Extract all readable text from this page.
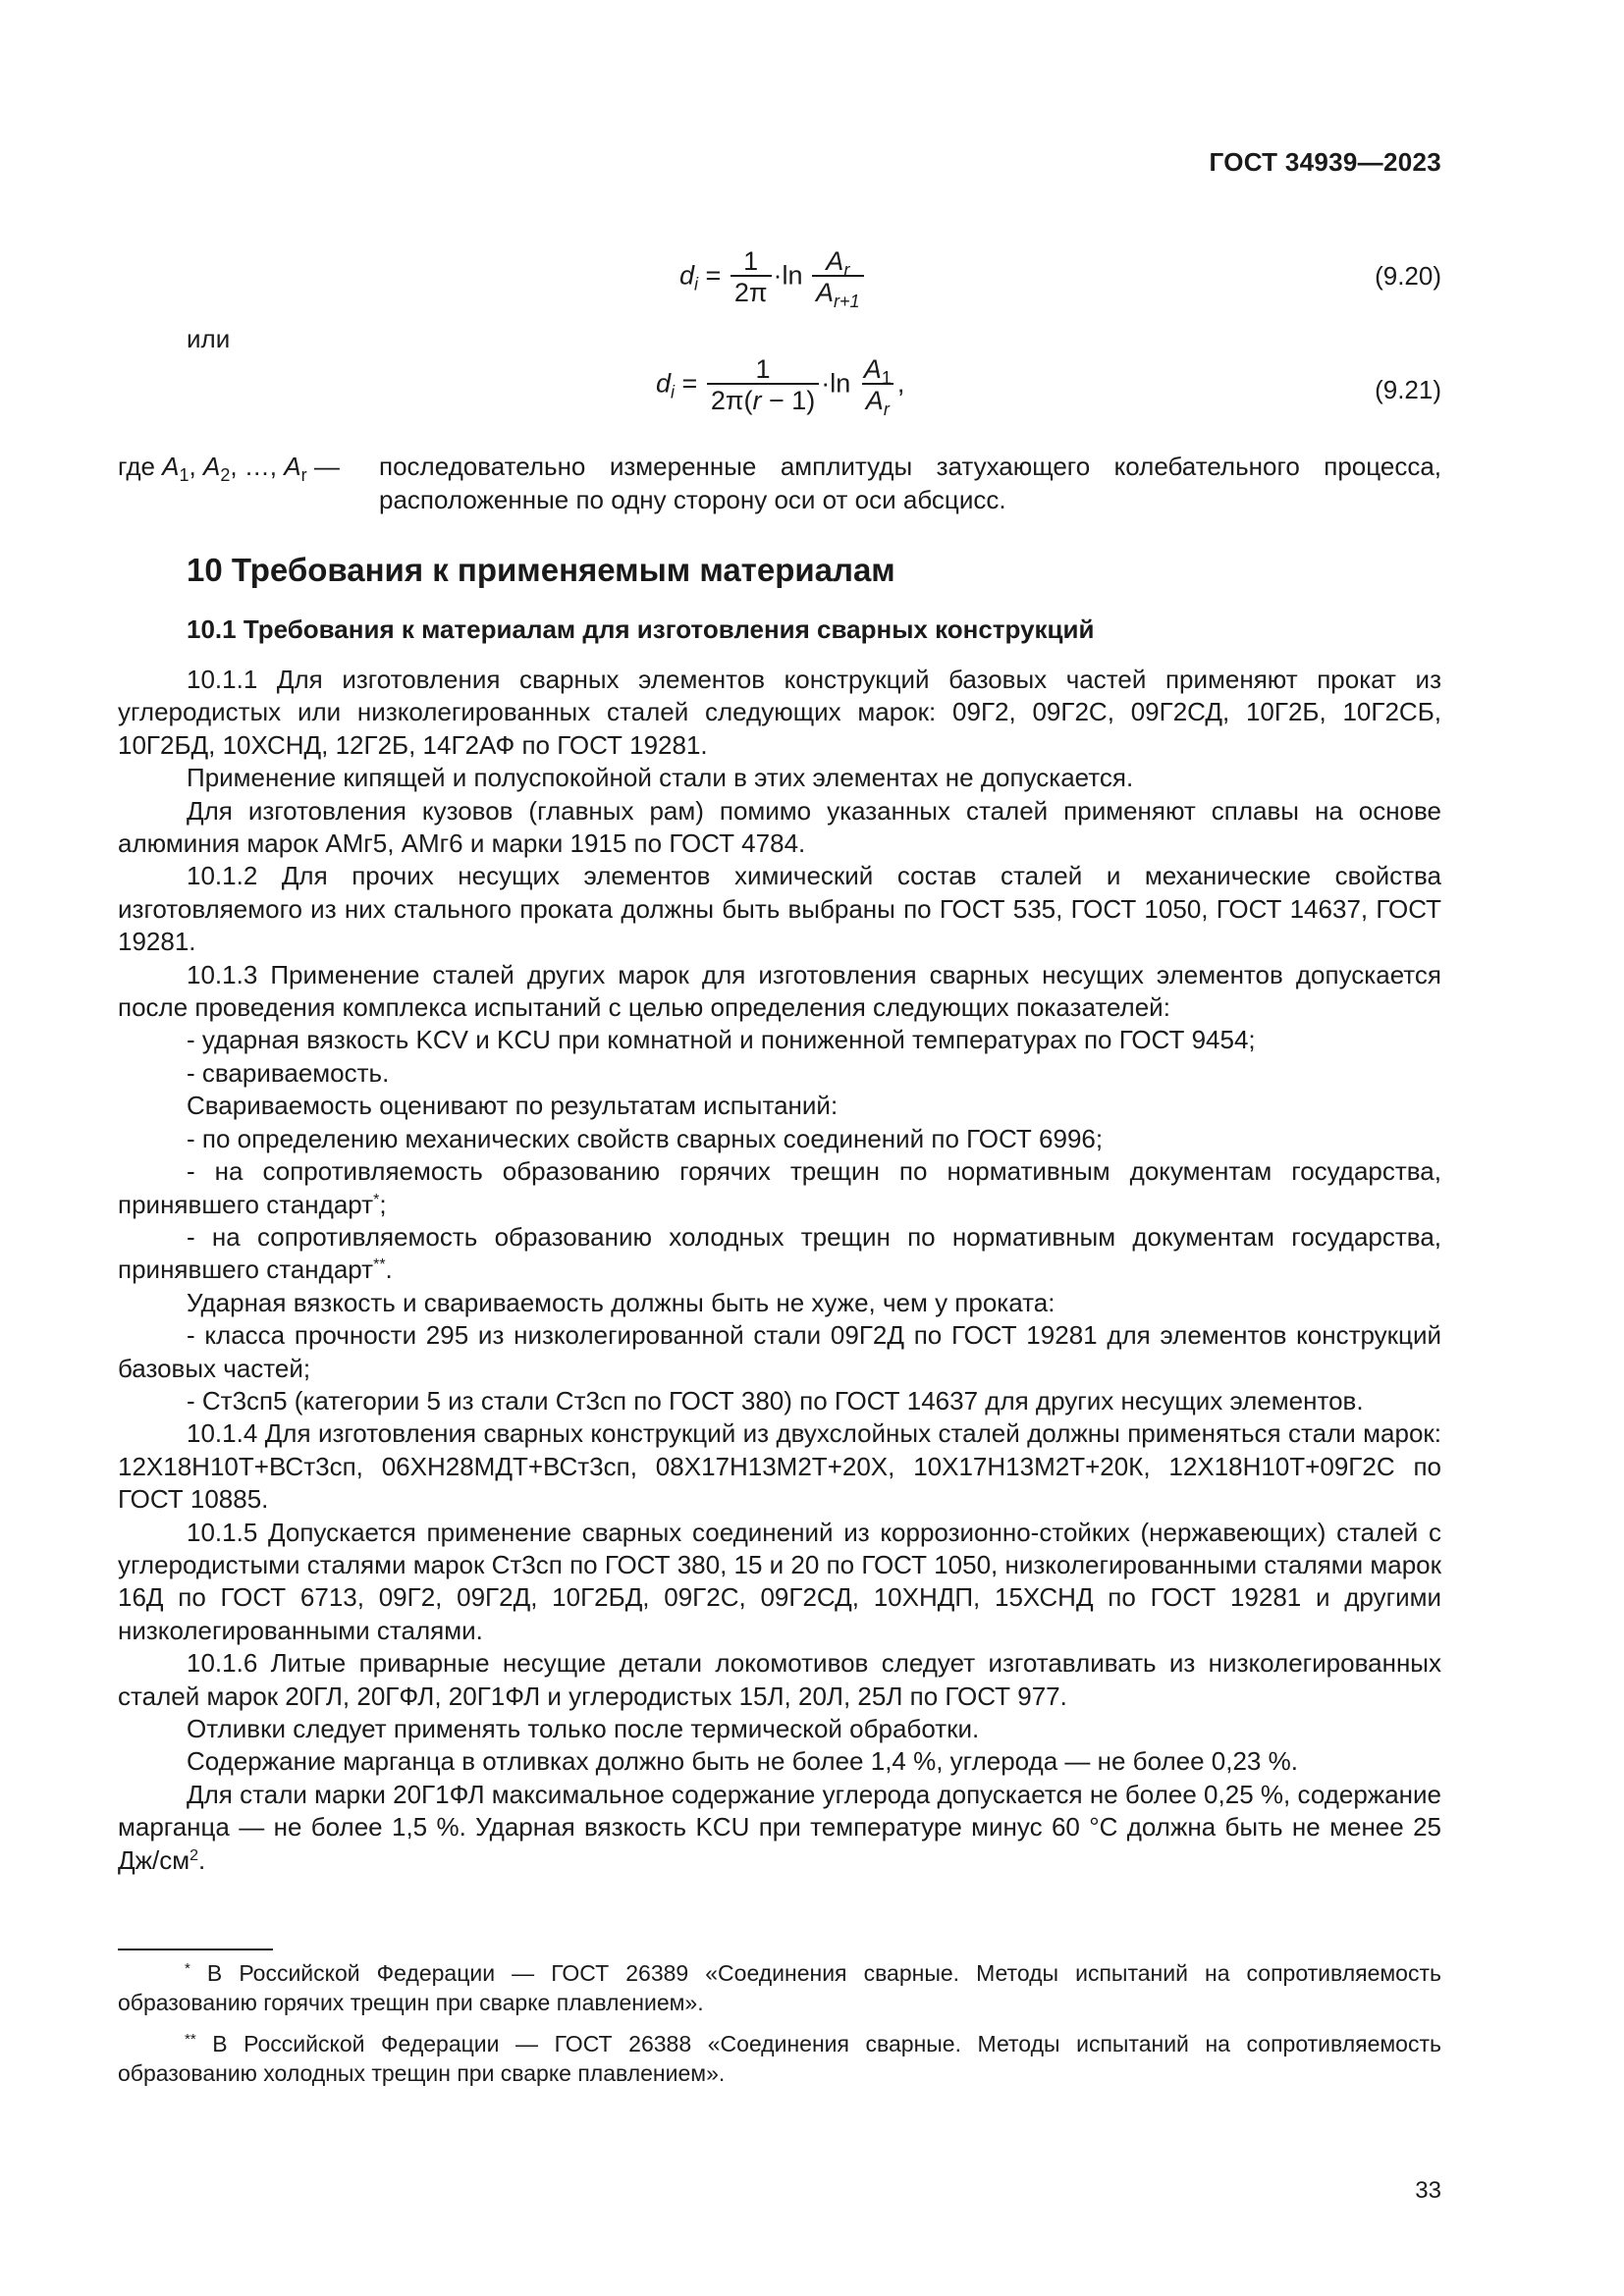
ГОСТ 34939—2023
$d_i = \frac{1}{2\pi} \cdot\ln \frac{A_r}{A_{r+1}}$	(9.20)
или
$d_i = \frac{1}{2\pi(r - 1)} \cdot\ln \frac{A_1}{A_r}$ ,	(9.21)
где $A_1$, $A_2$, …, $A_r$ — последовательно измеренные амплитуды затухающего колебательного процесса, расположенные по одну сторону оси от оси абсцисс.
10 Требования к применяемым материалам
10.1 Требования к материалам для изготовления сварных конструкций

10.1.1 Для изготовления сварных элементов конструкций базовых частей применяют прокат из углеродистых или низколегированных сталей следующих марок: 09Г2, 09Г2С, 09Г2СД, 10Г2Б, 10Г2СБ, 10Г2БД, 10ХСНД, 12Г2Б, 14Г2АФ по ГОСТ 19281.

Применение кипящей и полуспокойной стали в этих элементах не допускается.

Для изготовления кузовов (главных рам) помимо указанных сталей применяют сплавы на основе алюминия марок АМг5, АМг6 и марки 1915 по ГОСТ 4784.

10.1.2 Для прочих несущих элементов химический состав сталей и механические свойства изготовляемого из них стального проката должны быть выбраны по ГОСТ 535, ГОСТ 1050, ГОСТ 14637, ГОСТ 19281.

10.1.3 Применение сталей других марок для изготовления сварных несущих элементов допускается после проведения комплекса испытаний с целью определения следующих показателей:

- ударная вязкость KCV и KCU при комнатной и пониженной температурах по ГОСТ 9454;

- свариваемость.

Свариваемость оценивают по результатам испытаний:

- по определению механических свойств сварных соединений по ГОСТ 6996;

- на сопротивляемость образованию горячих трещин по нормативным документам государства, принявшего стандарт*;

- на сопротивляемость образованию холодных трещин по нормативным документам государства, принявшего стандарт**.

Ударная вязкость и свариваемость должны быть не хуже, чем у проката:

- класса прочности 295 из низколегированной стали 09Г2Д по ГОСТ 19281 для элементов конструкций базовых частей;

- Ст3сп5 (категории 5 из стали Ст3сп по ГОСТ 380) по ГОСТ 14637 для других несущих элементов.

10.1.4 Для изготовления сварных конструкций из двухслойных сталей должны применяться стали марок: 12Х18Н10Т+ВСт3сп, 06ХН28МДТ+ВСт3сп, 08Х17Н13М2Т+20Х, 10Х17Н13М2Т+20К, 12Х18Н10Т+09Г2С по ГОСТ 10885.

10.1.5 Допускается применение сварных соединений из коррозионно-стойких (нержавеющих) сталей с углеродистыми сталями марок Ст3сп по ГОСТ 380, 15 и 20 по ГОСТ 1050, низколегированными сталями марок 16Д по ГОСТ 6713, 09Г2, 09Г2Д, 10Г2БД, 09Г2С, 09Г2СД, 10ХНДП, 15ХСНД по ГОСТ 19281 и другими низколегированными сталями.

10.1.6 Литые приварные несущие детали локомотивов следует изготавливать из низколегированных сталей марок 20ГЛ, 20ГФЛ, 20Г1ФЛ и углеродистых 15Л, 20Л, 25Л по ГОСТ 977.

Отливки следует применять только после термической обработки.

Содержание марганца в отливках должно быть не более 1,4 %, углерода — не более 0,23 %.

Для стали марки 20Г1ФЛ максимальное содержание углерода допускается не более 0,25 %, содержание марганца — не более 1,5 %. Ударная вязкость KCU при температуре минус 60 °С должна быть не менее 25 $Дж/см^2$.

* В Российской Федерации — ГОСТ 26389 «Соединения сварные. Методы испытаний на сопротивляемость образованию горячих трещин при сварке плавлением».

** В Российской Федерации — ГОСТ 26388 «Соединения сварные. Методы испытаний на сопротивляемость образованию холодных трещин при сварке плавлением».

33
